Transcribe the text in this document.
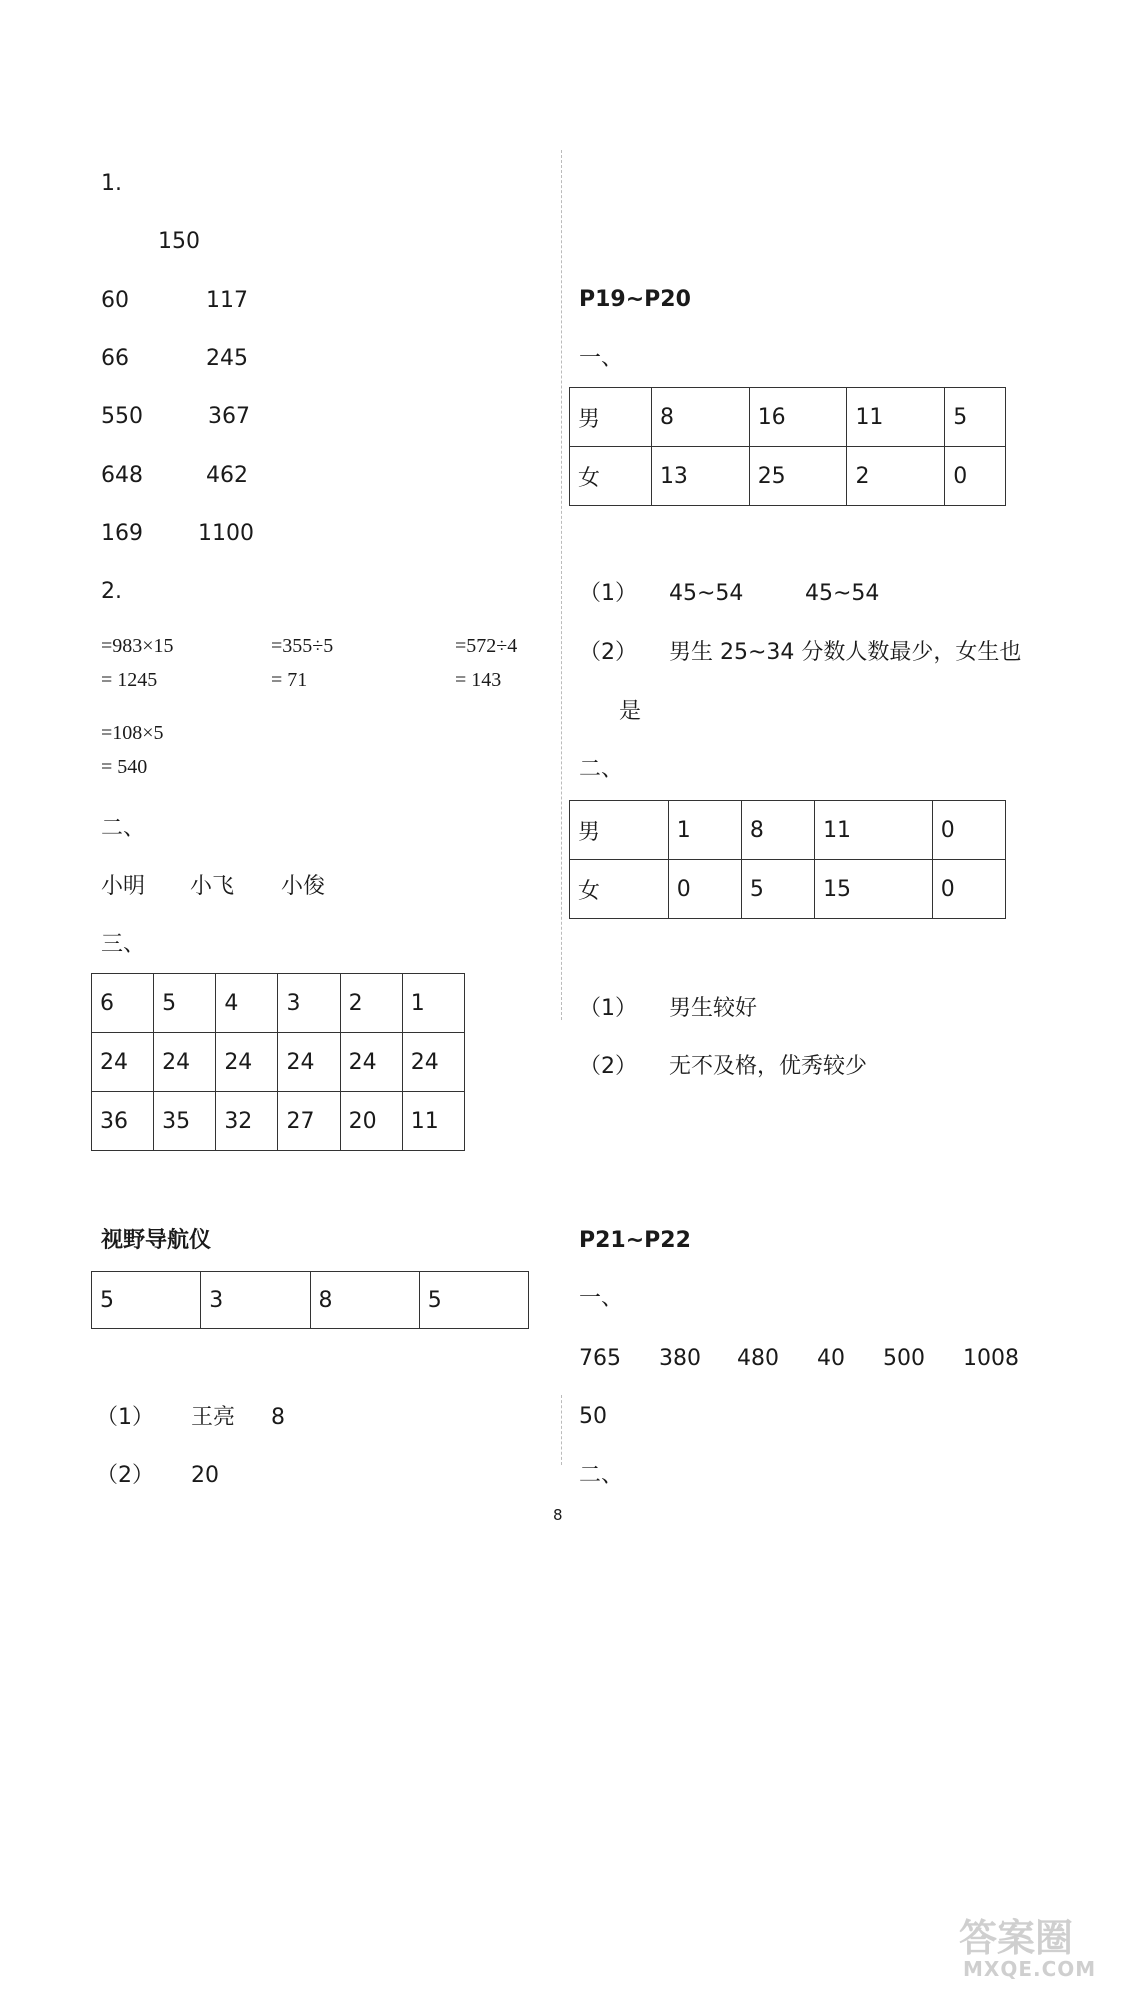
1.
150
60	117
66	245
550	367
648	462
169	1100
2.
=983×15
= 1245
=355÷5
= 71
=572÷4
= 143
=108×5
= 540
二、
小明 小飞 小俊
三、
6	5	4	3	2	1
24	24	24	24	24	24
36	35	32	27	20	11
视野导航仪
5	3	8	5
（1） 王亮 8
（2） 20
P19~P20
一、
男	8	16	11	5
女	13	25	2	0
（1） 45~54	45~54
（2） 男生 25~34 分数人数最少，女生也
是
二、
男	1	8	11	0
女	0	5	15	0
（1） 男生较好
（2） 无不及格，优秀较少
P21~P22
一、
765 380 480 40 500 1008
50
二、
8
答案圈
MXQE.COM
